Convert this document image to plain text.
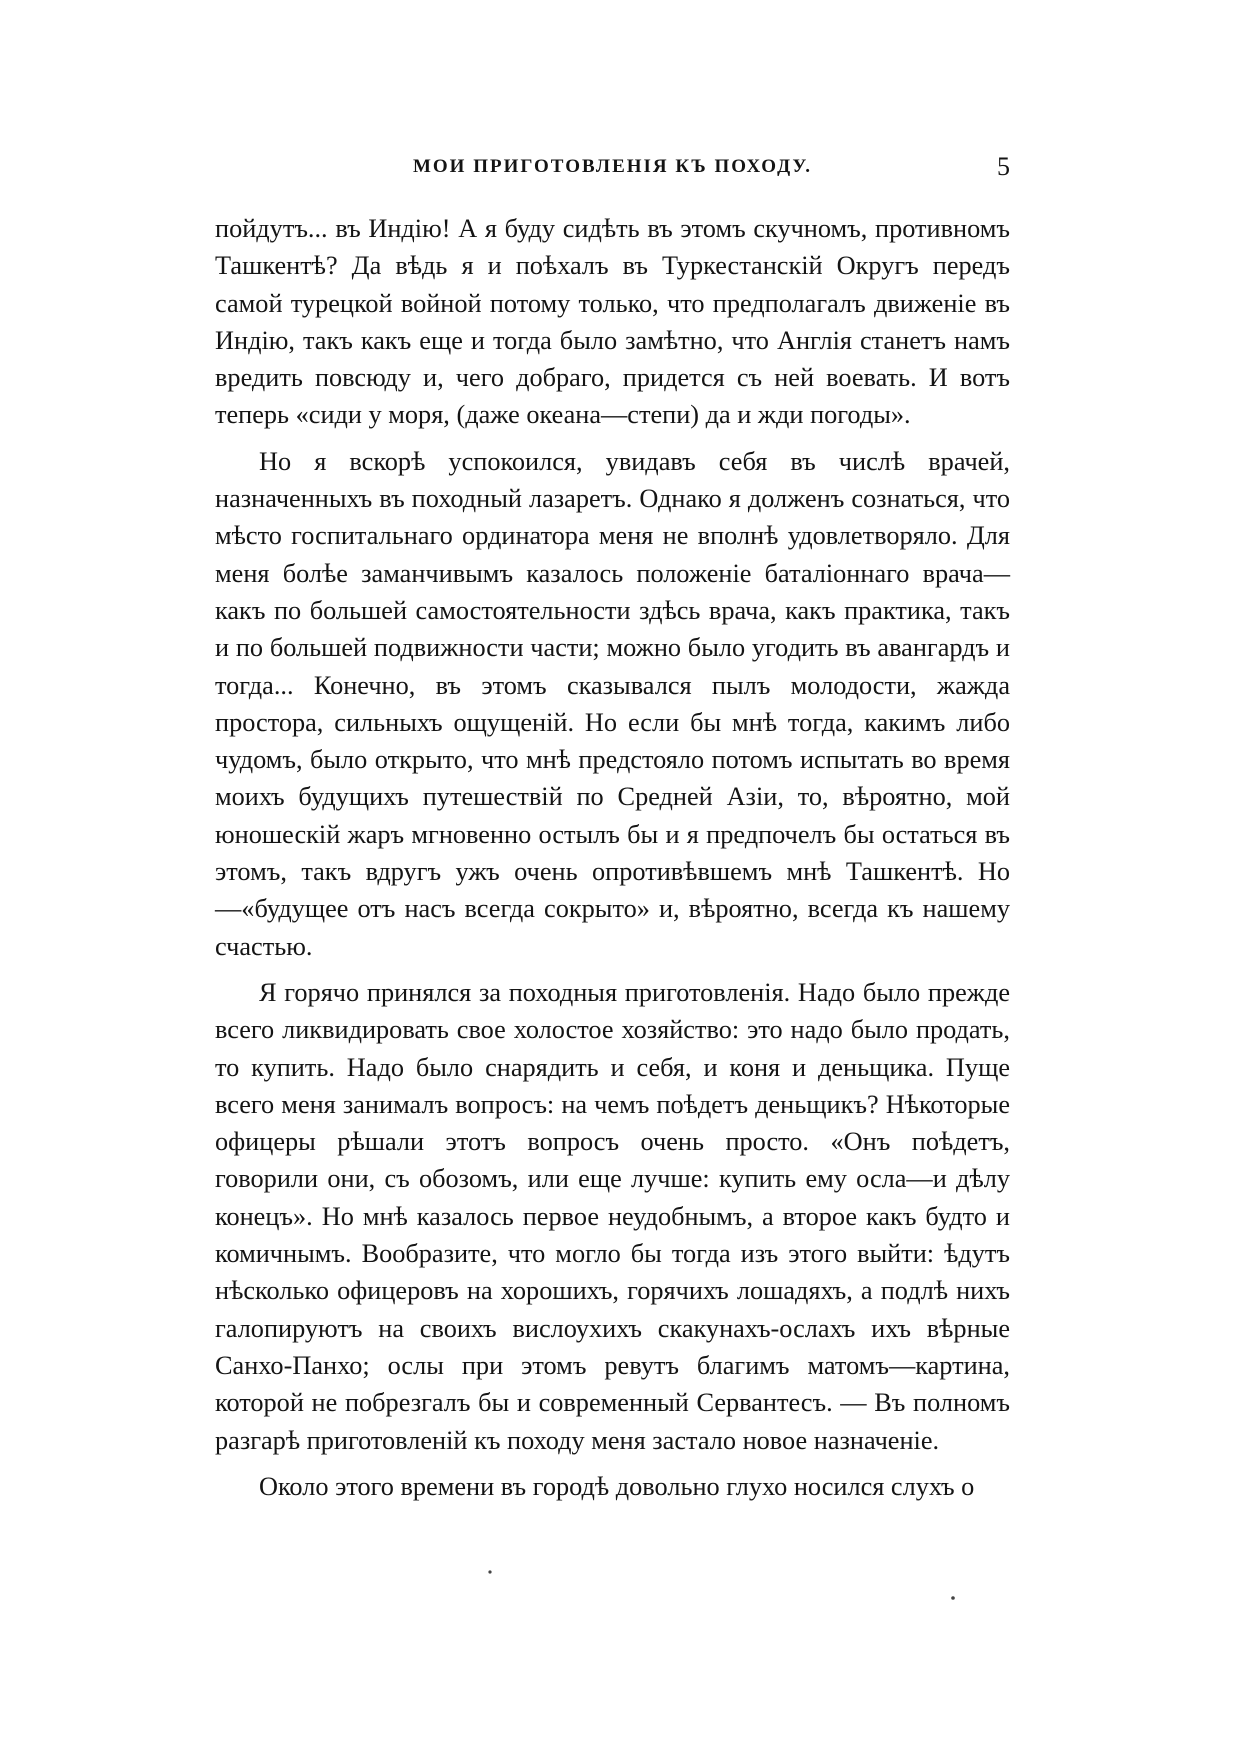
МОИ ПРИГОТОВЛЕНІЯ КЪ ПОХОДУ.	5

пойдутъ... въ Индію! А я буду сидѣть въ этомъ скучномъ, противномъ Ташкентѣ? Да вѣдь я и поѣхалъ въ Туркестанскій Округъ передъ самой турецкой войной потому только, что предполагалъ движеніе въ Индію, такъ какъ еще и тогда было замѣтно, что Англія станетъ намъ вредить повсюду и, чего добраго, придется съ ней воевать. И вотъ теперь «сиди у моря, (даже океана—степи) да и жди погоды».

Но я вскорѣ успокоился, увидавъ себя въ числѣ врачей, назначенныхъ въ походный лазаретъ. Однако я долженъ сознаться, что мѣсто госпитальнаго ординатора меня не вполнѣ удовлетворяло. Для меня болѣе заманчивымъ казалось положеніе баталіоннаго врача— какъ по большей самостоятельности здѣсь врача, какъ практика, такъ и по большей подвижности части; можно было угодить въ авангардъ и тогда... Конечно, въ этомъ сказывался пылъ молодости, жажда простора, сильныхъ ощущеній. Но если бы мнѣ тогда, какимъ либо чудомъ, было открыто, что мнѣ предстояло потомъ испытать во время моихъ будущихъ путешествій по Средней Азіи, то, вѣроятно, мой юношескій жаръ мгновенно остылъ бы и я предпочелъ бы остаться въ этомъ, такъ вдругъ ужъ очень опротивѣвшемъ мнѣ Ташкентѣ. Но—«будущее отъ насъ всегда сокрыто» и, вѣроятно, всегда къ нашему счастью.

Я горячо принялся за походныя приготовленія. Надо было прежде всего ликвидировать свое холостое хозяйство: это надо было продать, то купить. Надо было снарядить и себя, и коня и деньщика. Пуще всего меня занималъ вопросъ: на чемъ поѣдетъ деньщикъ? Нѣкоторые офицеры рѣшали этотъ вопросъ очень просто. «Онъ поѣдетъ, говорили они, съ обозомъ, или еще лучше: купить ему осла—и дѣлу конецъ». Но мнѣ казалось первое неудобнымъ, а второе какъ будто и комичнымъ. Вообразите, что могло бы тогда изъ этого выйти: ѣдутъ нѣсколько офицеровъ на хорошихъ, горячихъ лошадяхъ, а подлѣ нихъ галопируютъ на своихъ вислоухихъ скакунахъ-ослахъ ихъ вѣрные Санхо-Панхо; ослы при этомъ ревутъ благимъ матомъ—картина, которой не побрезгалъ бы и современный Сервантесъ. — Въ полномъ разгарѣ приготовленій къ походу меня застало новое назначеніе.

Около этого времени въ городѣ довольно глухо носился слухъ о
